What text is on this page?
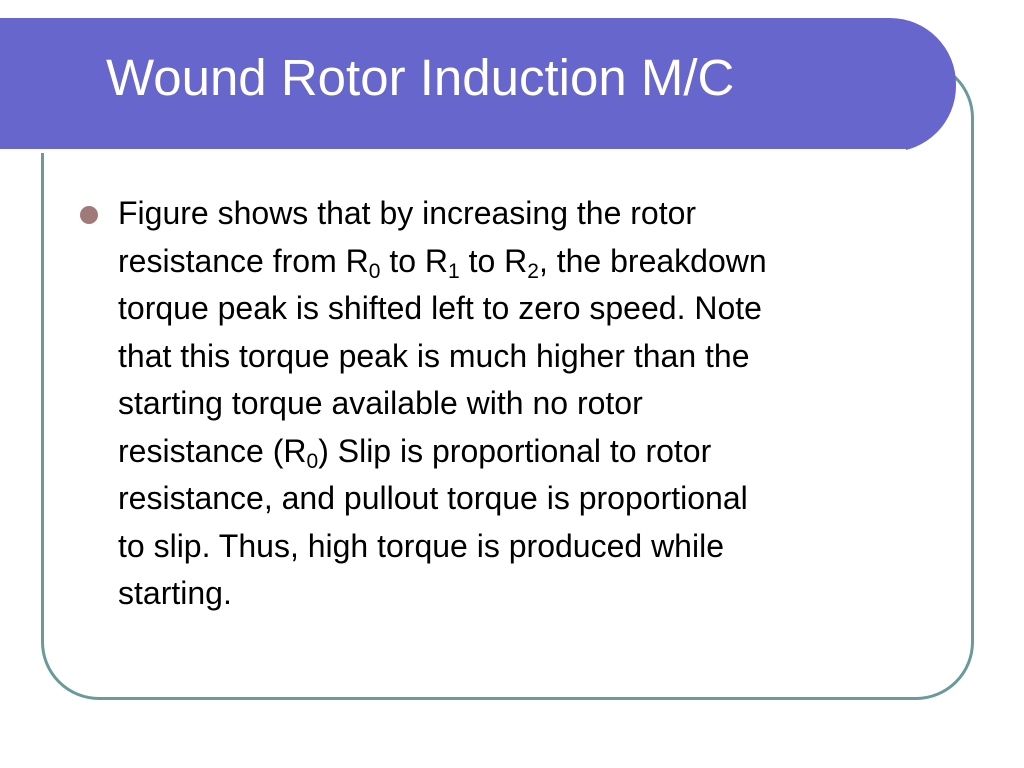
Wound Rotor Induction M/C
Figure shows that by increasing the rotor
resistance from $R_0$ to $R_1$ to $R_2$, the breakdown
torque peak is shifted left to zero speed. Note
that this torque peak is much higher than the
starting torque available with no rotor
resistance $(R_0)$ Slip is proportional to rotor
resistance, and pullout torque is proportional
to slip. Thus, high torque is produced while
starting.
